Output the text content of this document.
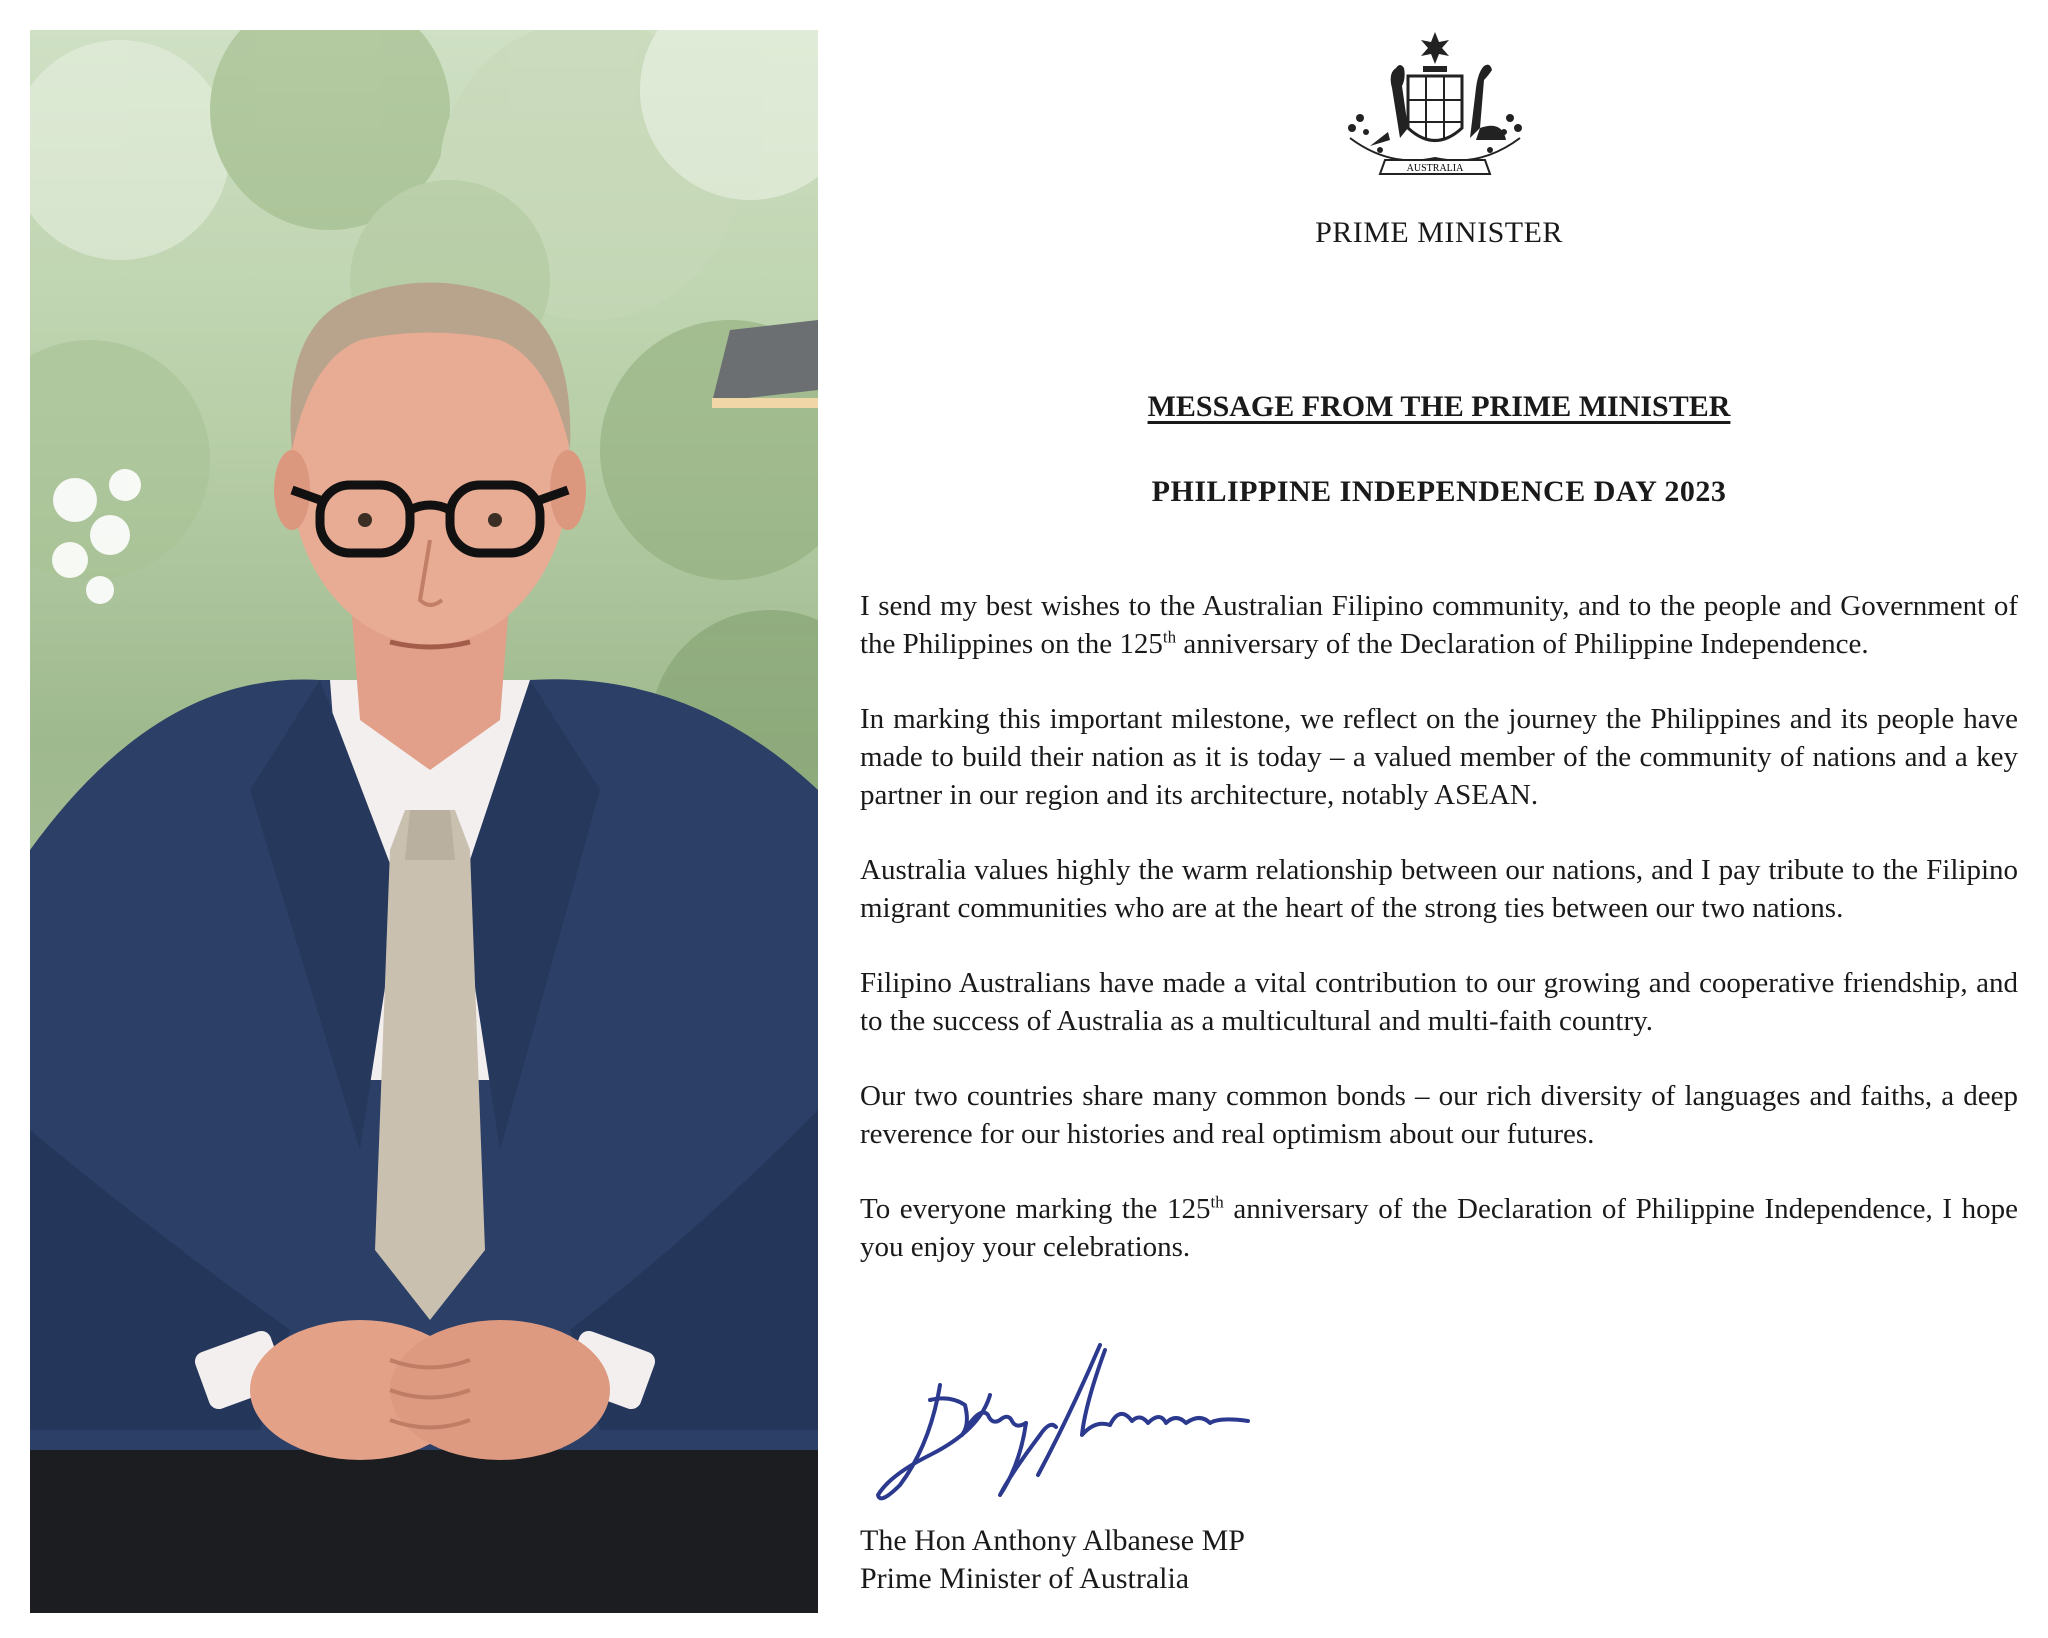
AUSTRALIA
PRIME MINISTER
MESSAGE FROM THE PRIME MINISTER
PHILIPPINE INDEPENDENCE DAY 2023

I send my best wishes to the Australian Filipino community, and to the people and Government of the Philippines on the 125th anniversary of the Declaration of Philippine Independence.

In marking this important milestone, we reflect on the journey the Philippines and its people have made to build their nation as it is today – a valued member of the community of nations and a key partner in our region and its architecture, notably ASEAN.

Australia values highly the warm relationship between our nations, and I pay tribute to the Filipino migrant communities who are at the heart of the strong ties between our two nations.

Filipino Australians have made a vital contribution to our growing and cooperative friendship, and to the success of Australia as a multicultural and multi-faith country.

Our two countries share many common bonds – our rich diversity of languages and faiths, a deep reverence for our histories and real optimism about our futures.

To everyone marking the 125th anniversary of the Declaration of Philippine Independence, I hope you enjoy your celebrations.

The Hon Anthony Albanese MP
Prime Minister of Australia
